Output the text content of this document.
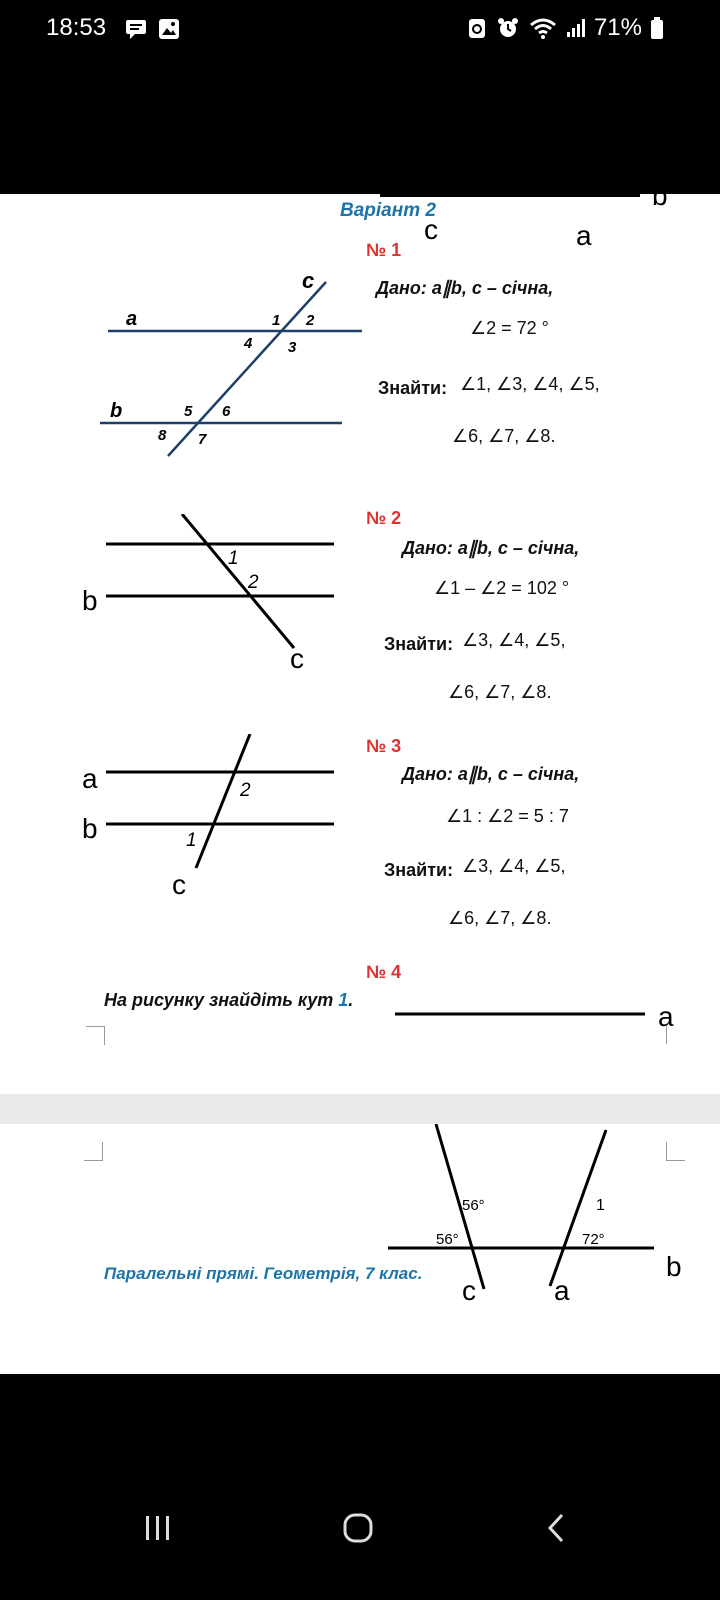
18:53	71%
c	a
b
Варіант 2
№ 1
c
a
b
1 2
3
4
5 6
7
8
Дано: a∥b, c – січна,
∠2 = 72 °
Знайти: ∠1, ∠3, ∠4, ∠5,
∠6, ∠7, ∠8.
№ 2
1
2
b
c
Дано: a∥b, c – січна,
∠1 – ∠2 = 102 °
Знайти: ∠3, ∠4, ∠5,
∠6, ∠7, ∠8.
№ 3
a	2
b	1
c
Дано: a∥b, c – січна,
∠1 : ∠2 = 5 : 7
Знайти: ∠3, ∠4, ∠5,
∠6, ∠7, ∠8.
№ 4
На рисунку знайдіть кут 1.
a
56°
56°
1
72°
b
c	a
Паралельні прямі. Геометрія, 7 клас.
